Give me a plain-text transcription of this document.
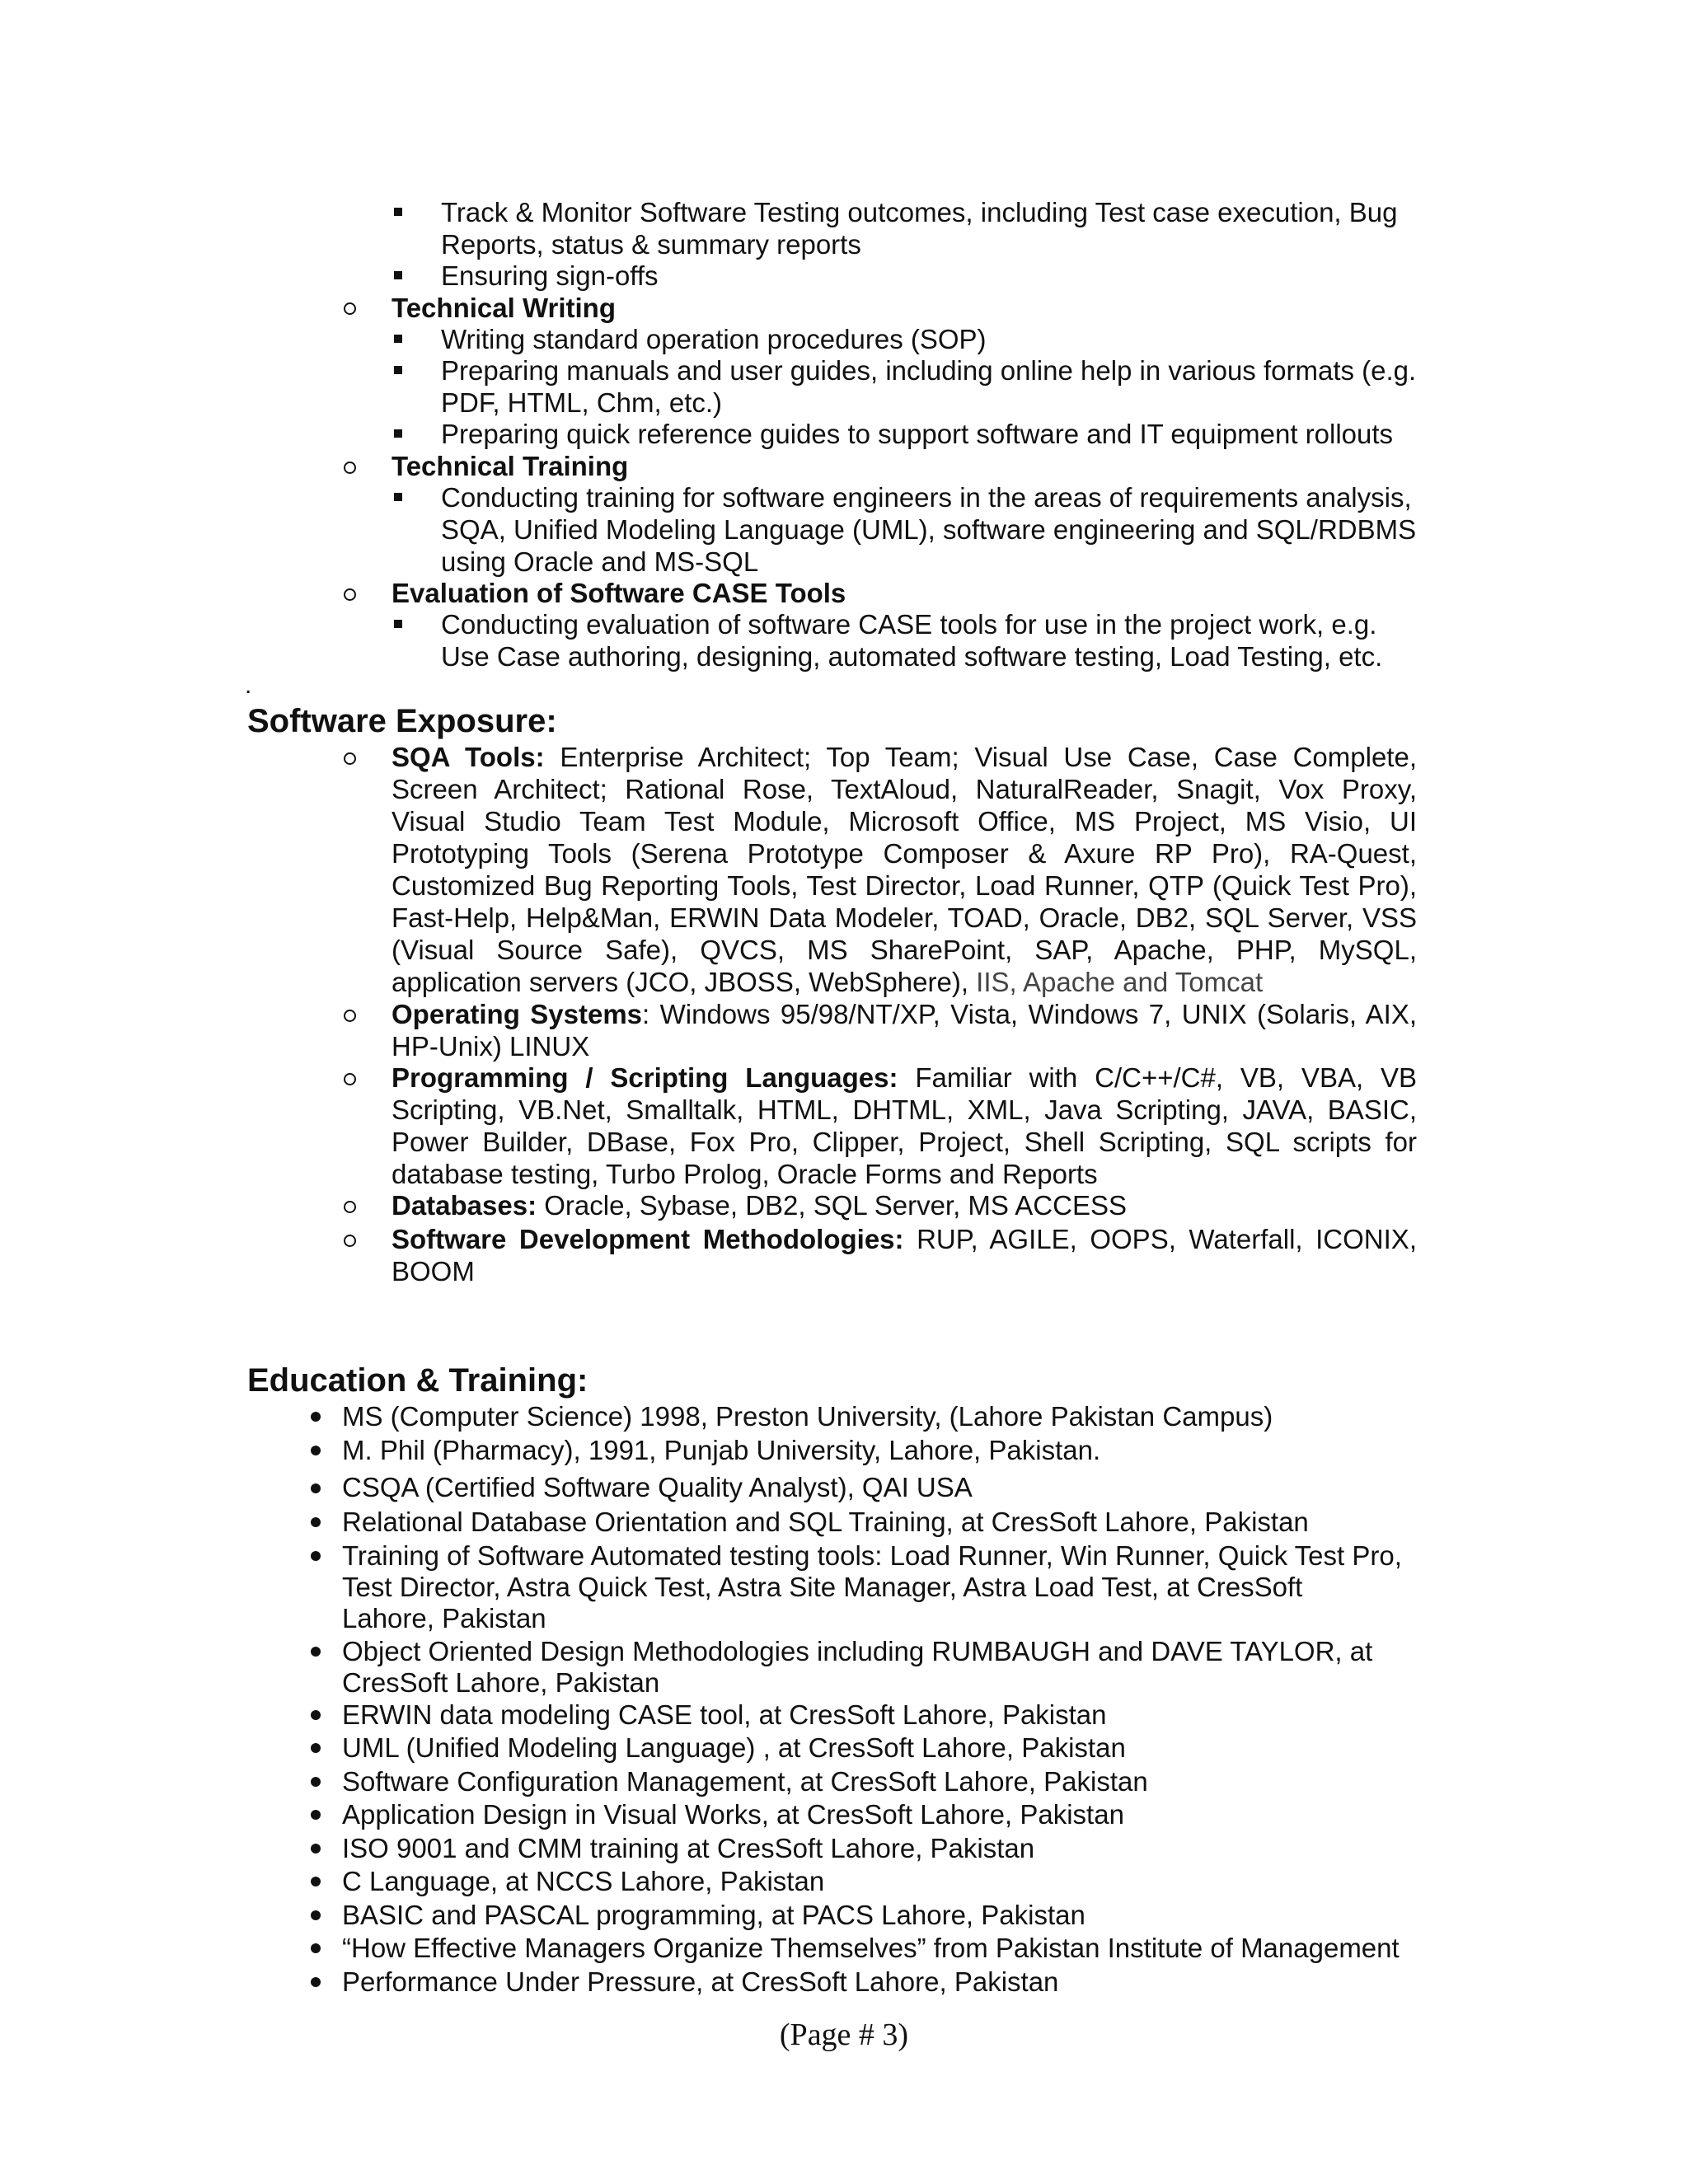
Track & Monitor Software Testing outcomes, including Test case execution, Bug
Reports, status & summary reports
Ensuring sign-offs
Technical Writing
Writing standard operation procedures (SOP)
Preparing manuals and user guides, including online help in various formats (e.g.
PDF, HTML, Chm, etc.)
Preparing quick reference guides to support software and IT equipment rollouts
Technical Training
Conducting training for software engineers in the areas of requirements analysis,
SQA, Unified Modeling Language (UML), software engineering and SQL/RDBMS
using Oracle and MS-SQL
Evaluation of Software CASE Tools
Conducting evaluation of software CASE tools for use in the project work, e.g.
Use Case authoring, designing, automated software testing, Load Testing, etc.
.
Software Exposure:
SQA Tools: Enterprise Architect; Top Team; Visual Use Case, Case Complete,
Screen Architect; Rational Rose, TextAloud, NaturalReader, Snagit, Vox Proxy,
Visual Studio Team Test Module, Microsoft Office, MS Project, MS Visio, UI
Prototyping Tools (Serena Prototype Composer & Axure RP Pro), RA-Quest,
Customized Bug Reporting Tools, Test Director, Load Runner, QTP (Quick Test Pro),
Fast-Help, Help&Man, ERWIN Data Modeler, TOAD, Oracle, DB2, SQL Server, VSS
(Visual Source Safe), QVCS, MS SharePoint, SAP, Apache, PHP, MySQL,
application servers (JCO, JBOSS, WebSphere), IIS, Apache and Tomcat
Operating Systems: Windows 95/98/NT/XP, Vista, Windows 7, UNIX (Solaris, AIX,
HP-Unix) LINUX
Programming / Scripting Languages: Familiar with C/C++/C#, VB, VBA, VB
Scripting, VB.Net, Smalltalk, HTML, DHTML, XML, Java Scripting, JAVA, BASIC,
Power Builder, DBase, Fox Pro, Clipper, Project, Shell Scripting, SQL scripts for
database testing, Turbo Prolog, Oracle Forms and Reports
Databases: Oracle, Sybase, DB2, SQL Server, MS ACCESS
Software Development Methodologies: RUP, AGILE, OOPS, Waterfall, ICONIX,
BOOM
Education & Training:
MS (Computer Science) 1998, Preston University, (Lahore Pakistan Campus)
M. Phil (Pharmacy), 1991, Punjab University, Lahore, Pakistan.
CSQA (Certified Software Quality Analyst), QAI USA
Relational Database Orientation and SQL Training, at CresSoft Lahore, Pakistan
Training of Software Automated testing tools: Load Runner, Win Runner, Quick Test Pro,
Test Director, Astra Quick Test, Astra Site Manager, Astra Load Test, at CresSoft
Lahore, Pakistan
Object Oriented Design Methodologies including RUMBAUGH and DAVE TAYLOR, at
CresSoft Lahore, Pakistan
ERWIN data modeling CASE tool, at CresSoft Lahore, Pakistan
UML (Unified Modeling Language) , at CresSoft Lahore, Pakistan
Software Configuration Management, at CresSoft Lahore, Pakistan
Application Design in Visual Works, at CresSoft Lahore, Pakistan
ISO 9001 and CMM training at CresSoft Lahore, Pakistan
C Language, at NCCS Lahore, Pakistan
BASIC and PASCAL programming, at PACS Lahore, Pakistan
“How Effective Managers Organize Themselves” from Pakistan Institute of Management
Performance Under Pressure, at CresSoft Lahore, Pakistan
(Page # 3)
